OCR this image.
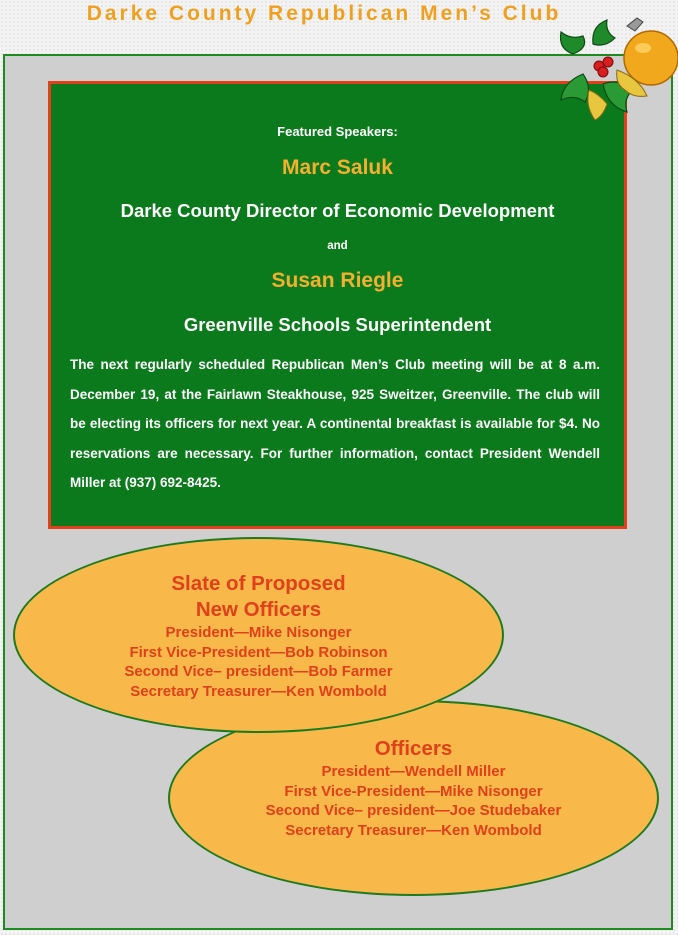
Darke County Republican Men’s Club
Featured Speakers:
Marc Saluk
Darke County Director of Economic Development
and
Susan Riegle
Greenville Schools Superintendent
The next regularly scheduled Republican Men’s Club meeting will be at 8 a.m. December 19, at the Fairlawn Steakhouse, 925 Sweitzer, Greenville. The club will be electing its officers for next year. A continental breakfast is available for $4. No reservations are necessary. For further information, contact President Wendell Miller at (937) 692-8425.
Slate of Proposed
New Officers
President—Mike Nisonger
First Vice-President—Bob Robinson
Second Vice– president—Bob Farmer
Secretary Treasurer—Ken Wombold
Officers
President—Wendell Miller
First Vice-President—Mike Nisonger
Second Vice– president—Joe Studebaker
Secretary Treasurer—Ken Wombold
